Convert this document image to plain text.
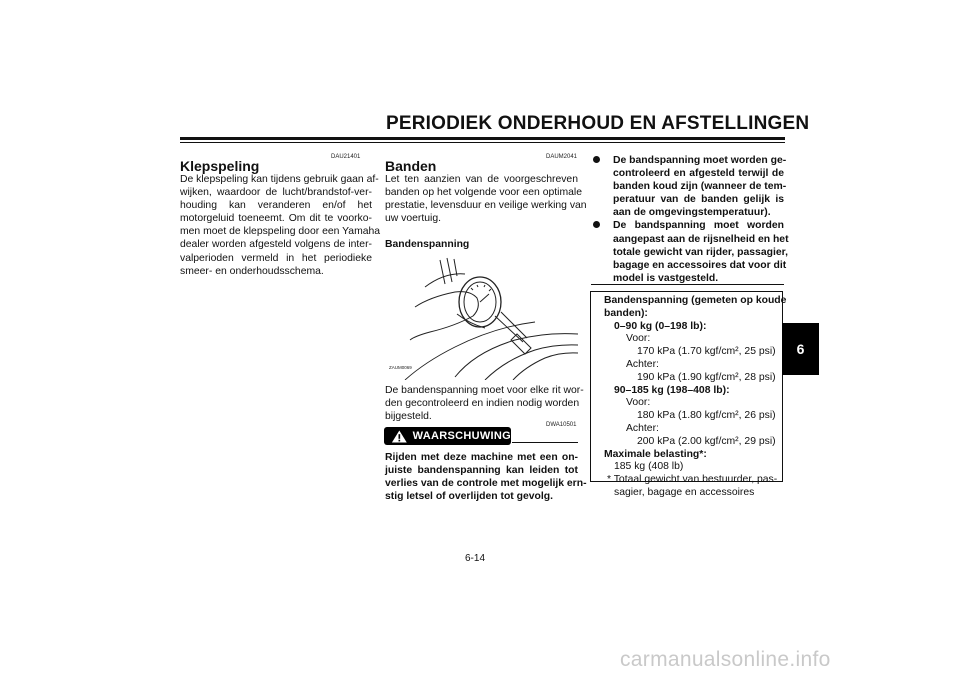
PERIODIEK ONDERHOUD EN AFSTELLINGEN
DAU21401
Klepspeling
De klepspeling kan tijdens gebruik gaan af-
wijken, waardoor de lucht/brandstof-ver-
houding kan veranderen en/of het
motorgeluid toeneemt. Om dit te voorko-
men moet de klepspeling door een Yamaha
dealer worden afgesteld volgens de inter-
valperioden vermeld in het periodieke
smeer- en onderhoudsschema.
DAUM2041
Banden
Let ten aanzien van de voorgeschreven
banden op het volgende voor een optimale
prestatie, levensduur en veilige werking van
uw voertuig.
Bandenspanning
ZAUM0069
De bandenspanning moet voor elke rit wor-
den gecontroleerd en indien nodig worden
bijgesteld.
DWA10501
WAARSCHUWING
Rijden met deze machine met een on-
juiste bandenspanning kan leiden tot
verlies van de controle met mogelijk ern-
stig letsel of overlijden tot gevolg.
De bandspanning moet worden ge-
controleerd en afgesteld terwijl de
banden koud zijn (wanneer de tem-
peratuur van de banden gelijk is
aan de omgevingstemperatuur).
De bandspanning moet worden
aangepast aan de rijsnelheid en het
totale gewicht van rijder, passagier,
bagage en accessoires dat voor dit
model is vastgesteld.
Bandenspanning (gemeten op koude
banden):
0–90 kg (0–198 lb):
Voor:
170 kPa (1.70 kgf/cm², 25 psi)
Achter:
190 kPa (1.90 kgf/cm², 28 psi)
90–185 kg (198–408 lb):
Voor:
180 kPa (1.80 kgf/cm², 26 psi)
Achter:
200 kPa (2.00 kgf/cm², 29 psi)
Maximale belasting*:
185 kg (408 lb)
* Totaal gewicht van bestuurder, pas-
sagier, bagage en accessoires
6
6-14
carmanualsonline.info
